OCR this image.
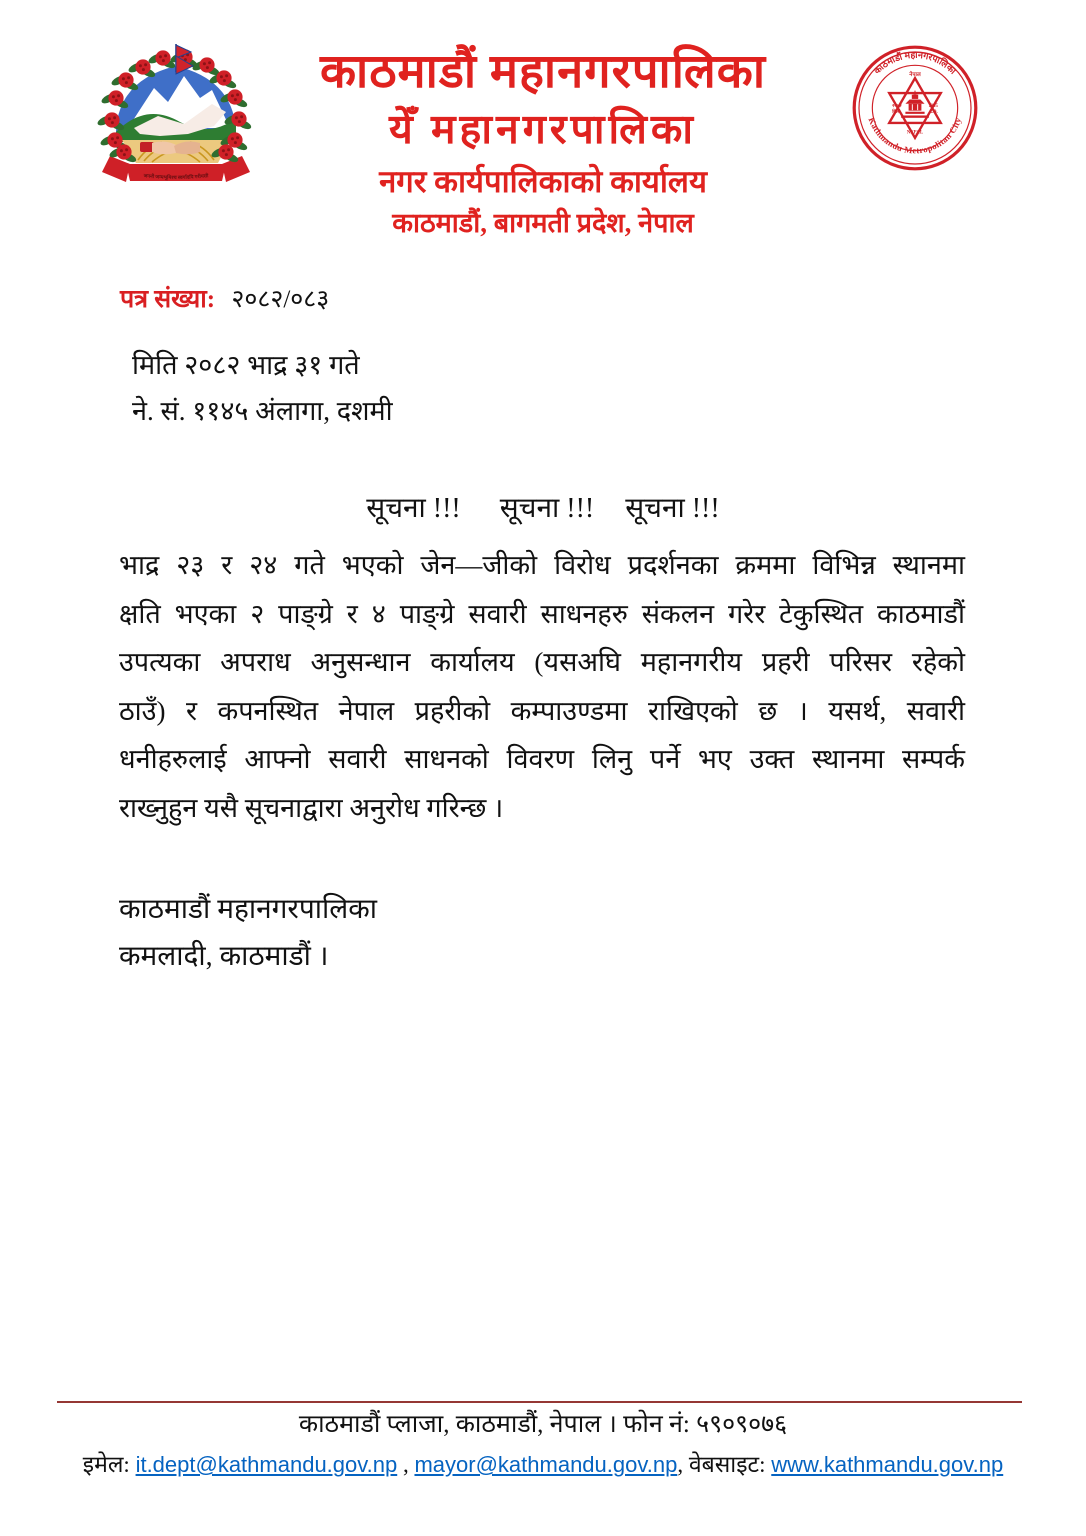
जननी जन्मभूमिश्च स्वर्गादपि गरीयसी
काठमाडौं महानगरपालिका
येँ महानगरपालिका
नगर कार्यपालिकाको कार्यालय
काठमाडौं, बागमती प्रदेश, नेपाल
काठमाडौं महानगरपालिका
Kathmandu Metropolitan City
नेपाल
२०५२
वि.सं.
1995
A.D.
NEPAL
पत्र संख्या: २०८२/०८३
मिति २०८२ भाद्र ३१ गते
ने. सं. ११४५ अंलागा, दशमी
सूचना !!! सूचना !!! सूचना !!!
भाद्र २३ र २४ गते भएको जेन—जीको विरोध प्रदर्शनका क्रममा विभिन्न स्थानमा
क्षति भएका २ पाङ्ग्रे र ४ पाङ्ग्रे सवारी साधनहरु संकलन गरेर टेकुस्थित काठमाडौं
उपत्यका अपराध अनुसन्धान कार्यालय (यसअघि महानगरीय प्रहरी परिसर रहेको
ठाउँ) र कपनस्थित नेपाल प्रहरीको कम्पाउण्डमा राखिएको छ । यसर्थ, सवारी
धनीहरुलाई आफ्नो सवारी साधनको विवरण लिनु पर्ने भए उक्त स्थानमा सम्पर्क
राख्नुहुन यसै सूचनाद्वारा अनुरोध गरिन्छ ।
काठमाडौं महानगरपालिका
कमलादी, काठमाडौं ।
काठमाडौं प्लाजा, काठमाडौं, नेपाल । फोन नं: ५९०९०७६
इमेल: it.dept@kathmandu.gov.np , mayor@kathmandu.gov.np, वेबसाइट: www.kathmandu.gov.np
